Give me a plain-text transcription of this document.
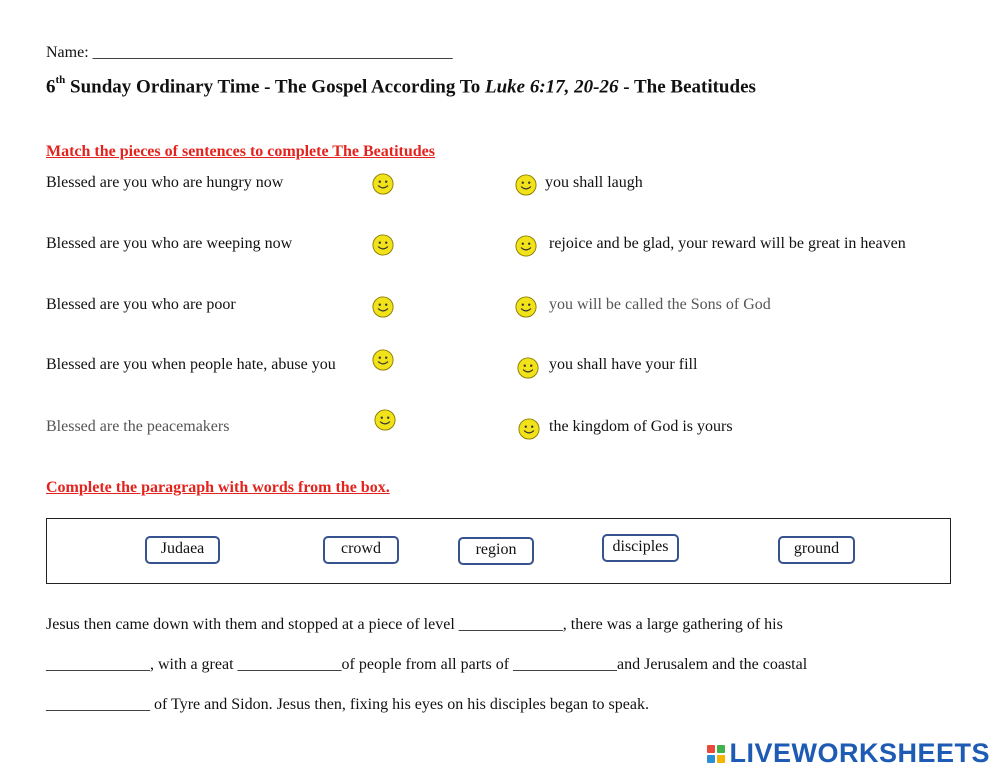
Name: _____________________________________________
6th Sunday Ordinary Time - The Gospel According To Luke 6:17, 20-26 - The Beatitudes
Match the pieces of sentences to complete The Beatitudes
Blessed are you who are hungry now
Blessed are you who are weeping now
Blessed are you who are poor
Blessed are you when people hate, abuse you
Blessed are the peacemakers
you shall laugh
rejoice and be glad, your reward will be great in heaven
you will be called the Sons of God
you shall have your fill
the kingdom of God is yours
Complete the paragraph with words from the box.
Judaea	crowd	region	disciples	ground
Jesus then came down with them and stopped at a piece of level _____________, there was a large gathering of his
_____________, with a great _____________of people from all parts of _____________and Jerusalem and the coastal
_____________ of Tyre and Sidon. Jesus then, fixing his eyes on his disciples began to speak.
LIVEWORKSHEETS
